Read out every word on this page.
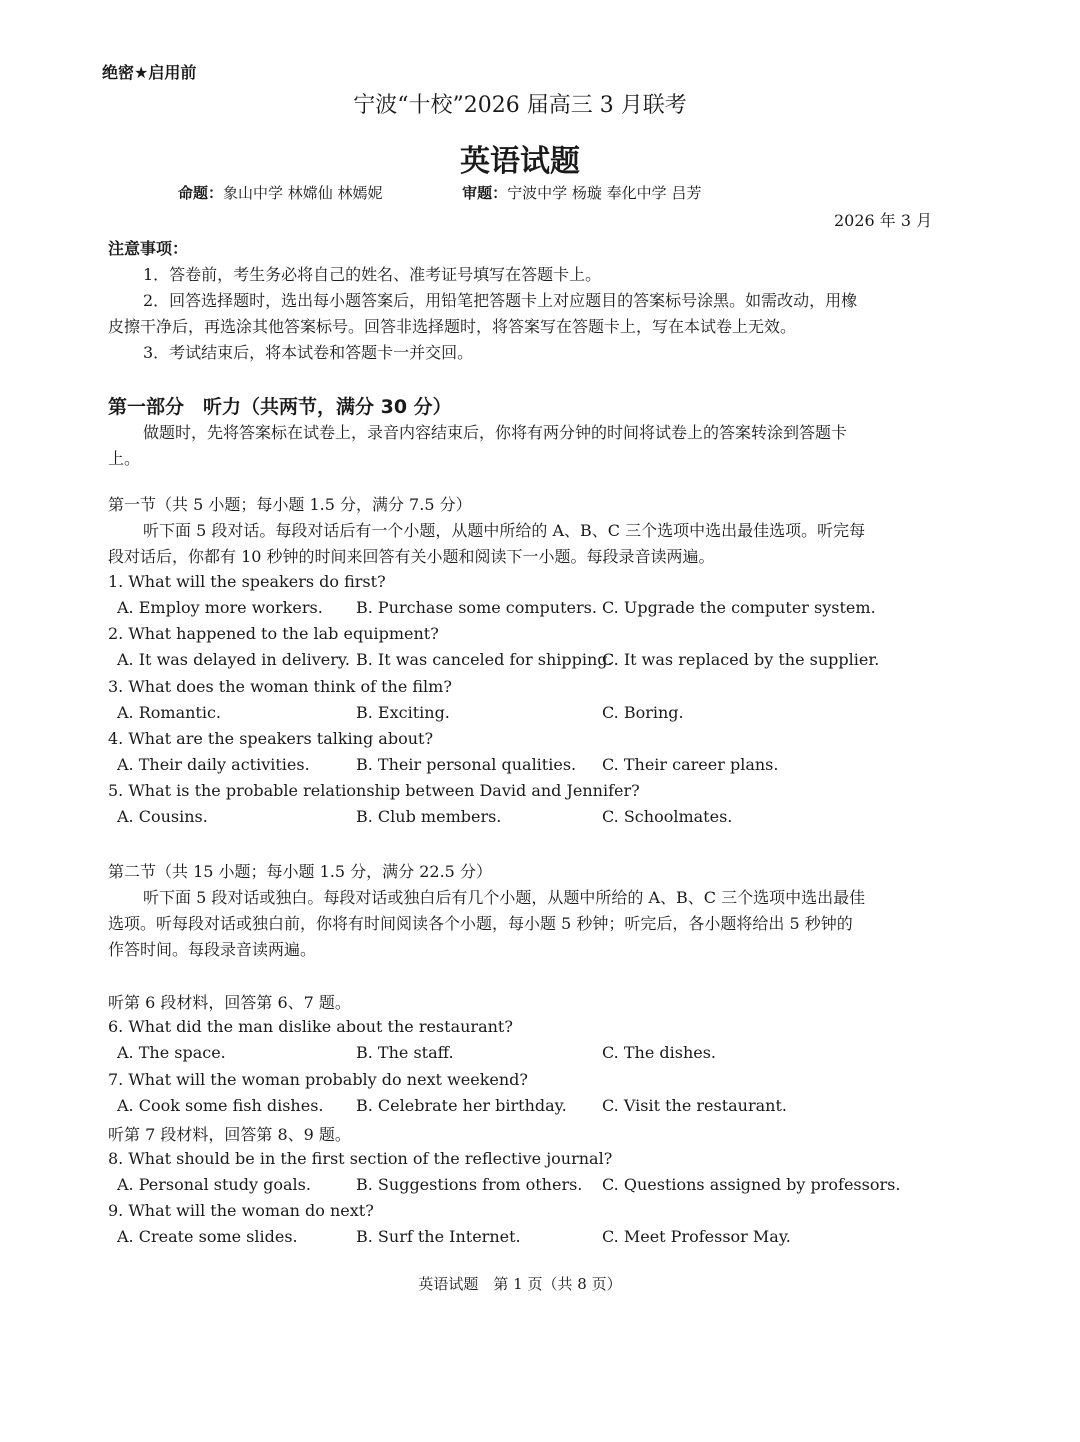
绝密★启用前
宁波“十校”2026 届高三 3 月联考
英语试题
命题：象山中学 林嫦仙 林嫣妮	审题：宁波中学 杨璇 奉化中学 吕芳
2026 年 3 月
注意事项：
1．答卷前，考生务必将自己的姓名、准考证号填写在答题卡上。
2．回答选择题时，选出每小题答案后，用铅笔把答题卡上对应题目的答案标号涂黑。如需改动，用橡
皮擦干净后，再选涂其他答案标号。回答非选择题时，将答案写在答题卡上，写在本试卷上无效。
3．考试结束后，将本试卷和答题卡一并交回。
第一部分　听力（共两节，满分 30 分）
做题时，先将答案标在试卷上，录音内容结束后，你将有两分钟的时间将试卷上的答案转涂到答题卡
上。
第一节（共 5 小题；每小题 1.5 分，满分 7.5 分）
听下面 5 段对话。每段对话后有一个小题，从题中所给的 A、B、C 三个选项中选出最佳选项。听完每
段对话后，你都有 10 秒钟的时间来回答有关小题和阅读下一小题。每段录音读两遍。
1. What will the speakers do first?
A. Employ more workers. B. Purchase some computers. C. Upgrade the computer system.
2. What happened to the lab equipment?
A. It was delayed in delivery. B. It was canceled for shipping.
C. It was replaced by the supplier.
3. What does the woman think of the film?
A. Romantic.	B. Exciting.	C. Boring.
4. What are the speakers talking about?
A. Their daily activities.	B. Their personal qualities. C. Their career plans.
5. What is the probable relationship between David and Jennifer?
A. Cousins.	B. Club members.	C. Schoolmates.
第二节（共 15 小题；每小题 1.5 分，满分 22.5 分）
听下面 5 段对话或独白。每段对话或独白后有几个小题，从题中所给的 A、B、C 三个选项中选出最佳
选项。听每段对话或独白前，你将有时间阅读各个小题，每小题 5 秒钟；听完后，各小题将给出 5 秒钟的
作答时间。每段录音读两遍。
听第 6 段材料，回答第 6、7 题。
6. What did the man dislike about the restaurant?
A. The space.	B. The staff.	C. The dishes.
7. What will the woman probably do next weekend?
A. Cook some fish dishes. B. Celebrate her birthday. C. Visit the restaurant.
听第 7 段材料，回答第 8、9 题。
8. What should be in the first section of the reflective journal?
A. Personal study goals.	B. Suggestions from others. C. Questions assigned by professors.
9. What will the woman do next?
A. Create some slides.	B. Surf the Internet.	C. Meet Professor May.
英语试题　第 1 页（共 8 页）
